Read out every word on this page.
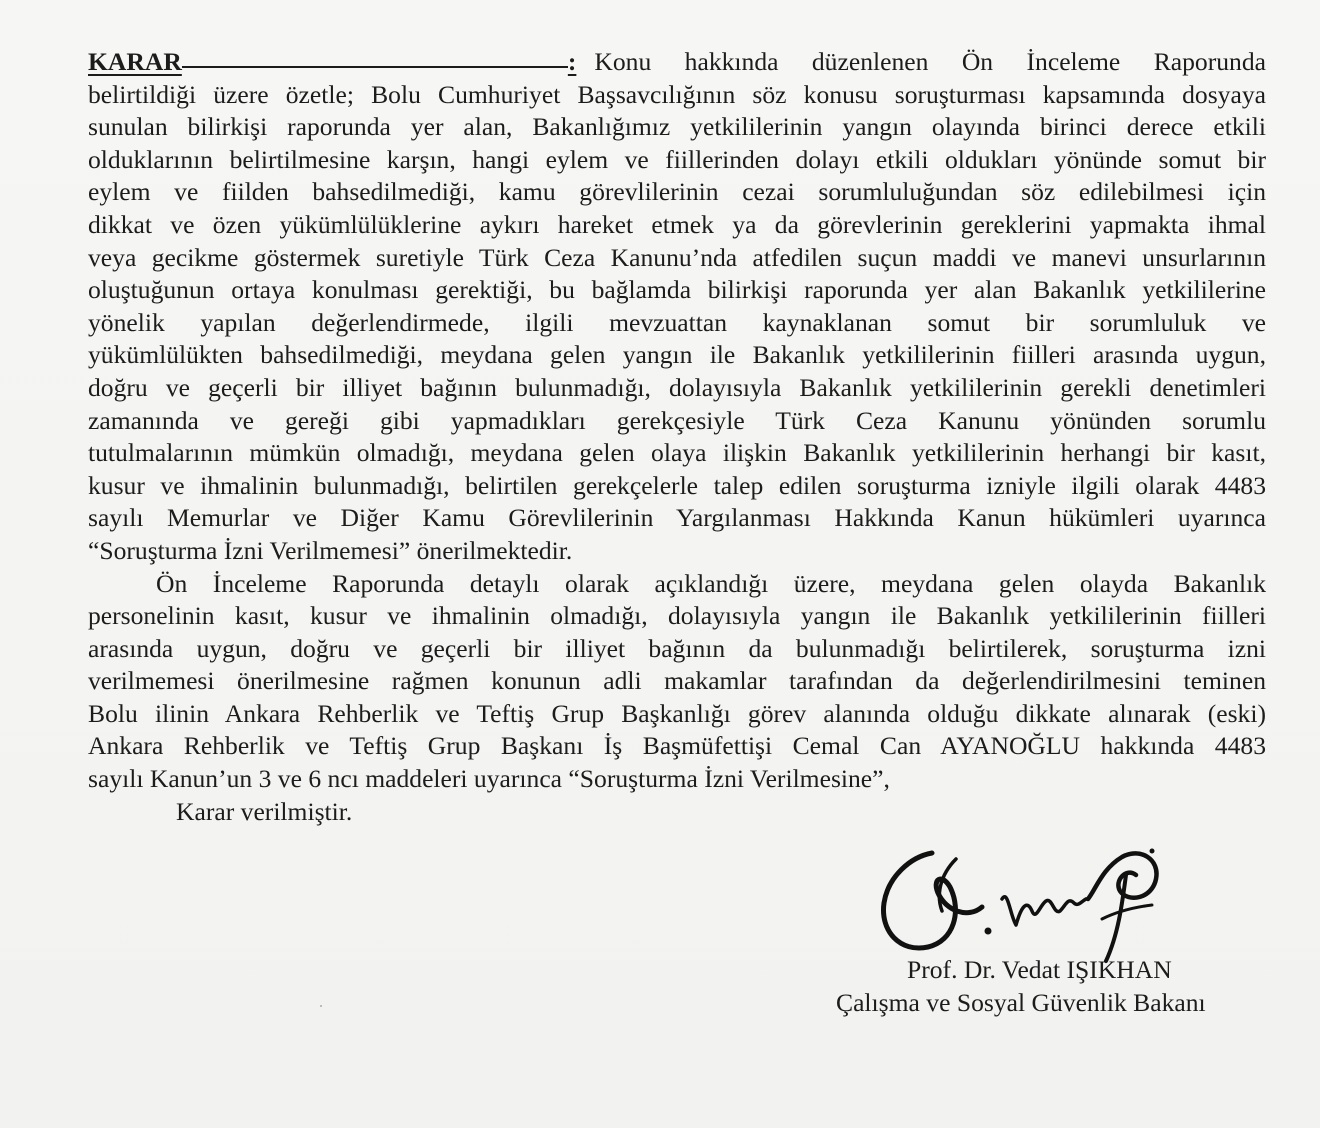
KARAR	: Konu hakkında düzenlenen Ön İnceleme Raporunda
belirtildiği üzere özetle; Bolu Cumhuriyet Başsavcılığının söz konusu soruşturması kapsamında dosyaya
sunulan bilirkişi raporunda yer alan, Bakanlığımız yetkililerinin yangın olayında birinci derece etkili
olduklarının belirtilmesine karşın, hangi eylem ve fiillerinden dolayı etkili oldukları yönünde somut bir
eylem ve fiilden bahsedilmediği, kamu görevlilerinin cezai sorumluluğundan söz edilebilmesi için
dikkat ve özen yükümlülüklerine aykırı hareket etmek ya da görevlerinin gereklerini yapmakta ihmal
veya gecikme göstermek suretiyle Türk Ceza Kanunu’nda atfedilen suçun maddi ve manevi unsurlarının
oluştuğunun ortaya konulması gerektiği, bu bağlamda bilirkişi raporunda yer alan Bakanlık yetkililerine
yönelik yapılan değerlendirmede, ilgili mevzuattan kaynaklanan somut bir sorumluluk ve
yükümlülükten bahsedilmediği, meydana gelen yangın ile Bakanlık yetkililerinin fiilleri arasında uygun,
doğru ve geçerli bir illiyet bağının bulunmadığı, dolayısıyla Bakanlık yetkililerinin gerekli denetimleri
zamanında ve gereği gibi yapmadıkları gerekçesiyle Türk Ceza Kanunu yönünden sorumlu
tutulmalarının mümkün olmadığı, meydana gelen olaya ilişkin Bakanlık yetkililerinin herhangi bir kasıt,
kusur ve ihmalinin bulunmadığı, belirtilen gerekçelerle talep edilen soruşturma izniyle ilgili olarak 4483
sayılı Memurlar ve Diğer Kamu Görevlilerinin Yargılanması Hakkında Kanun hükümleri uyarınca
“Soruşturma İzni Verilmemesi” önerilmektedir.
Ön İnceleme Raporunda detaylı olarak açıklandığı üzere, meydana gelen olayda Bakanlık
personelinin kasıt, kusur ve ihmalinin olmadığı, dolayısıyla yangın ile Bakanlık yetkililerinin fiilleri
arasında uygun, doğru ve geçerli bir illiyet bağının da bulunmadığı belirtilerek, soruşturma izni
verilmemesi önerilmesine rağmen konunun adli makamlar tarafından da değerlendirilmesini teminen
Bolu ilinin Ankara Rehberlik ve Teftiş Grup Başkanlığı görev alanında olduğu dikkate alınarak (eski)
Ankara Rehberlik ve Teftiş Grup Başkanı İş Başmüfettişi Cemal Can AYANOĞLU hakkında 4483
sayılı Kanun’un 3 ve 6 ncı maddeleri uyarınca “Soruşturma İzni Verilmesine”,
Karar verilmiştir.
Prof. Dr. Vedat IŞIKHAN
Çalışma ve Sosyal Güvenlik Bakanı
